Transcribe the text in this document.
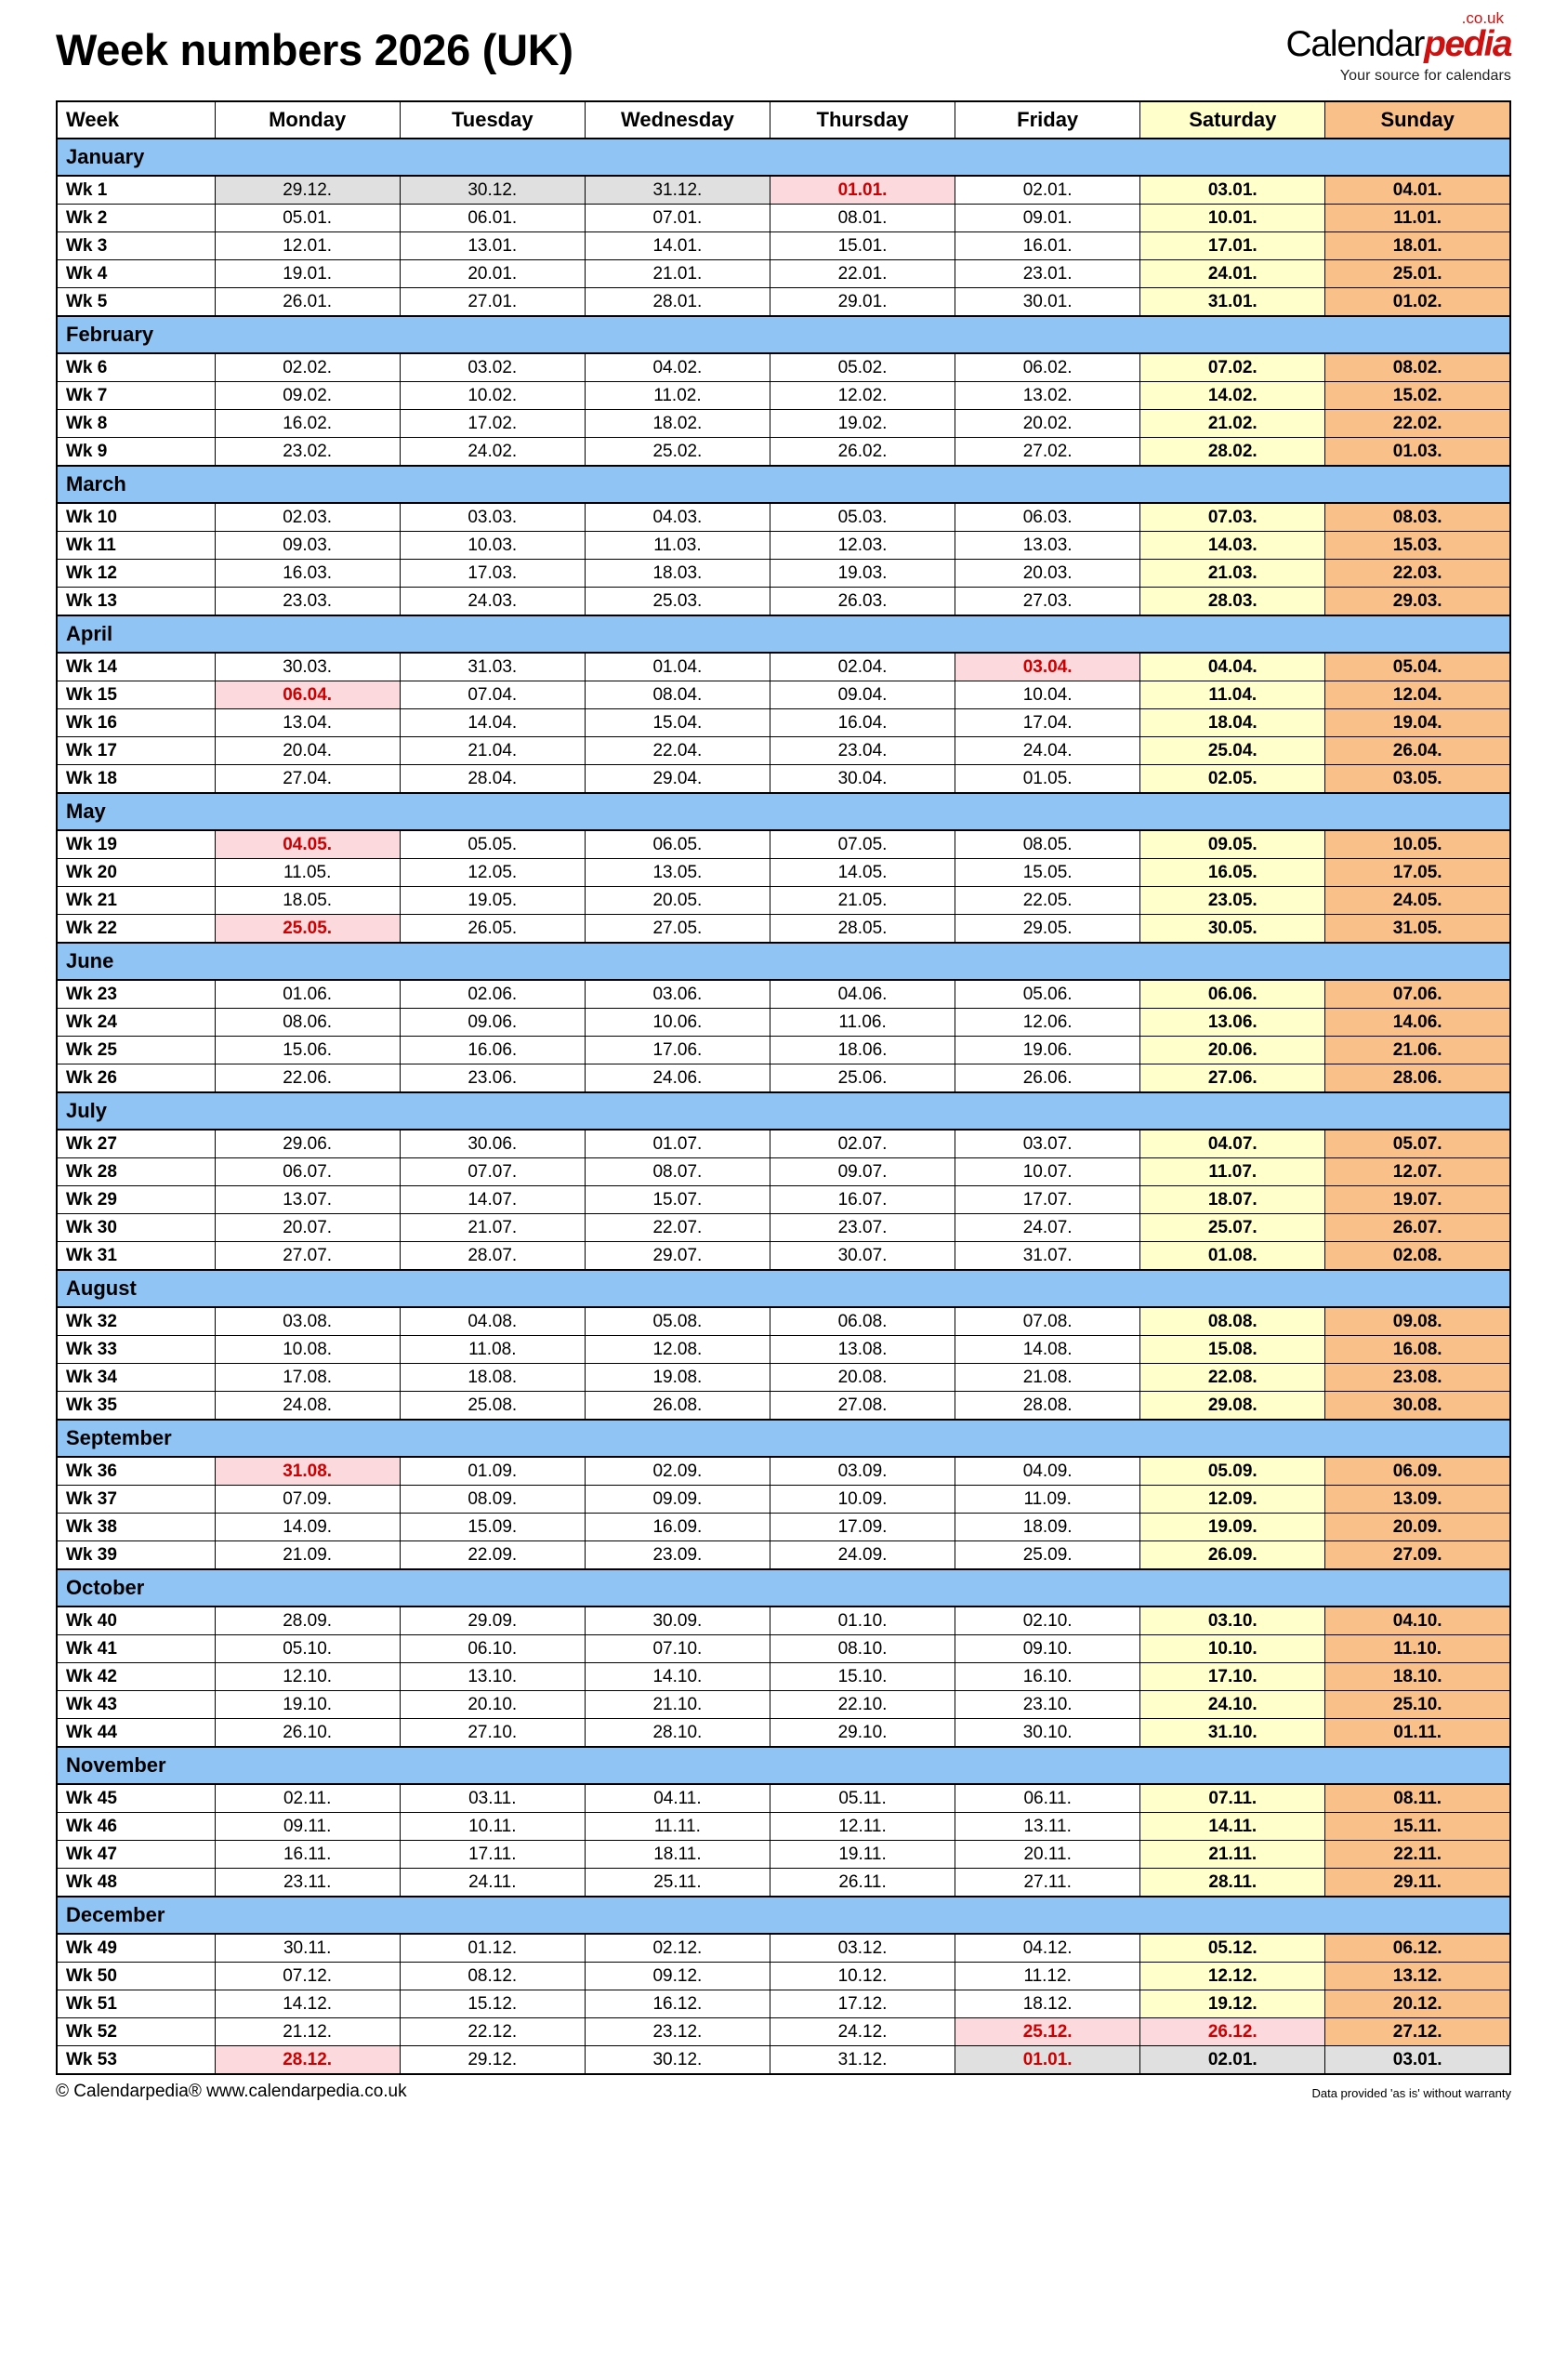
Week numbers 2026 (UK)	Calendarpedia
.co.uk
Your source for calendars
Week	Monday	Tuesday	Wednesday	Thursday	Friday	Saturday	Sunday
January							
Wk 1	29.12.	30.12.	31.12.	01.01.	02.01.	03.01.	04.01.
Wk 2	05.01.	06.01.	07.01.	08.01.	09.01.	10.01.	11.01.
Wk 3	12.01.	13.01.	14.01.	15.01.	16.01.	17.01.	18.01.
Wk 4	19.01.	20.01.	21.01.	22.01.	23.01.	24.01.	25.01.
Wk 5	26.01.	27.01.	28.01.	29.01.	30.01.	31.01.	01.02.
February							
Wk 6	02.02.	03.02.	04.02.	05.02.	06.02.	07.02.	08.02.
Wk 7	09.02.	10.02.	11.02.	12.02.	13.02.	14.02.	15.02.
Wk 8	16.02.	17.02.	18.02.	19.02.	20.02.	21.02.	22.02.
Wk 9	23.02.	24.02.	25.02.	26.02.	27.02.	28.02.	01.03.
March							
Wk 10	02.03.	03.03.	04.03.	05.03.	06.03.	07.03.	08.03.
Wk 11	09.03.	10.03.	11.03.	12.03.	13.03.	14.03.	15.03.
Wk 12	16.03.	17.03.	18.03.	19.03.	20.03.	21.03.	22.03.
Wk 13	23.03.	24.03.	25.03.	26.03.	27.03.	28.03.	29.03.
April							
Wk 14	30.03.	31.03.	01.04.	02.04.	03.04.	04.04.	05.04.
Wk 15	06.04.	07.04.	08.04.	09.04.	10.04.	11.04.	12.04.
Wk 16	13.04.	14.04.	15.04.	16.04.	17.04.	18.04.	19.04.
Wk 17	20.04.	21.04.	22.04.	23.04.	24.04.	25.04.	26.04.
Wk 18	27.04.	28.04.	29.04.	30.04.	01.05.	02.05.	03.05.
May							
Wk 19	04.05.	05.05.	06.05.	07.05.	08.05.	09.05.	10.05.
Wk 20	11.05.	12.05.	13.05.	14.05.	15.05.	16.05.	17.05.
Wk 21	18.05.	19.05.	20.05.	21.05.	22.05.	23.05.	24.05.
Wk 22	25.05.	26.05.	27.05.	28.05.	29.05.	30.05.	31.05.
June							
Wk 23	01.06.	02.06.	03.06.	04.06.	05.06.	06.06.	07.06.
Wk 24	08.06.	09.06.	10.06.	11.06.	12.06.	13.06.	14.06.
Wk 25	15.06.	16.06.	17.06.	18.06.	19.06.	20.06.	21.06.
Wk 26	22.06.	23.06.	24.06.	25.06.	26.06.	27.06.	28.06.
July							
Wk 27	29.06.	30.06.	01.07.	02.07.	03.07.	04.07.	05.07.
Wk 28	06.07.	07.07.	08.07.	09.07.	10.07.	11.07.	12.07.
Wk 29	13.07.	14.07.	15.07.	16.07.	17.07.	18.07.	19.07.
Wk 30	20.07.	21.07.	22.07.	23.07.	24.07.	25.07.	26.07.
Wk 31	27.07.	28.07.	29.07.	30.07.	31.07.	01.08.	02.08.
August							
Wk 32	03.08.	04.08.	05.08.	06.08.	07.08.	08.08.	09.08.
Wk 33	10.08.	11.08.	12.08.	13.08.	14.08.	15.08.	16.08.
Wk 34	17.08.	18.08.	19.08.	20.08.	21.08.	22.08.	23.08.
Wk 35	24.08.	25.08.	26.08.	27.08.	28.08.	29.08.	30.08.
September							
Wk 36	31.08.	01.09.	02.09.	03.09.	04.09.	05.09.	06.09.
Wk 37	07.09.	08.09.	09.09.	10.09.	11.09.	12.09.	13.09.
Wk 38	14.09.	15.09.	16.09.	17.09.	18.09.	19.09.	20.09.
Wk 39	21.09.	22.09.	23.09.	24.09.	25.09.	26.09.	27.09.
October							
Wk 40	28.09.	29.09.	30.09.	01.10.	02.10.	03.10.	04.10.
Wk 41	05.10.	06.10.	07.10.	08.10.	09.10.	10.10.	11.10.
Wk 42	12.10.	13.10.	14.10.	15.10.	16.10.	17.10.	18.10.
Wk 43	19.10.	20.10.	21.10.	22.10.	23.10.	24.10.	25.10.
Wk 44	26.10.	27.10.	28.10.	29.10.	30.10.	31.10.	01.11.
November							
Wk 45	02.11.	03.11.	04.11.	05.11.	06.11.	07.11.	08.11.
Wk 46	09.11.	10.11.	11.11.	12.11.	13.11.	14.11.	15.11.
Wk 47	16.11.	17.11.	18.11.	19.11.	20.11.	21.11.	22.11.
Wk 48	23.11.	24.11.	25.11.	26.11.	27.11.	28.11.	29.11.
December							
Wk 49	30.11.	01.12.	02.12.	03.12.	04.12.	05.12.	06.12.
Wk 50	07.12.	08.12.	09.12.	10.12.	11.12.	12.12.	13.12.
Wk 51	14.12.	15.12.	16.12.	17.12.	18.12.	19.12.	20.12.
Wk 52	21.12.	22.12.	23.12.	24.12.	25.12.	26.12.	27.12.
Wk 53	28.12.	29.12.	30.12.	31.12.	01.01.	02.01.	03.01.
© Calendarpedia® www.calendarpedia.co.uk	Data provided 'as is' without warranty
